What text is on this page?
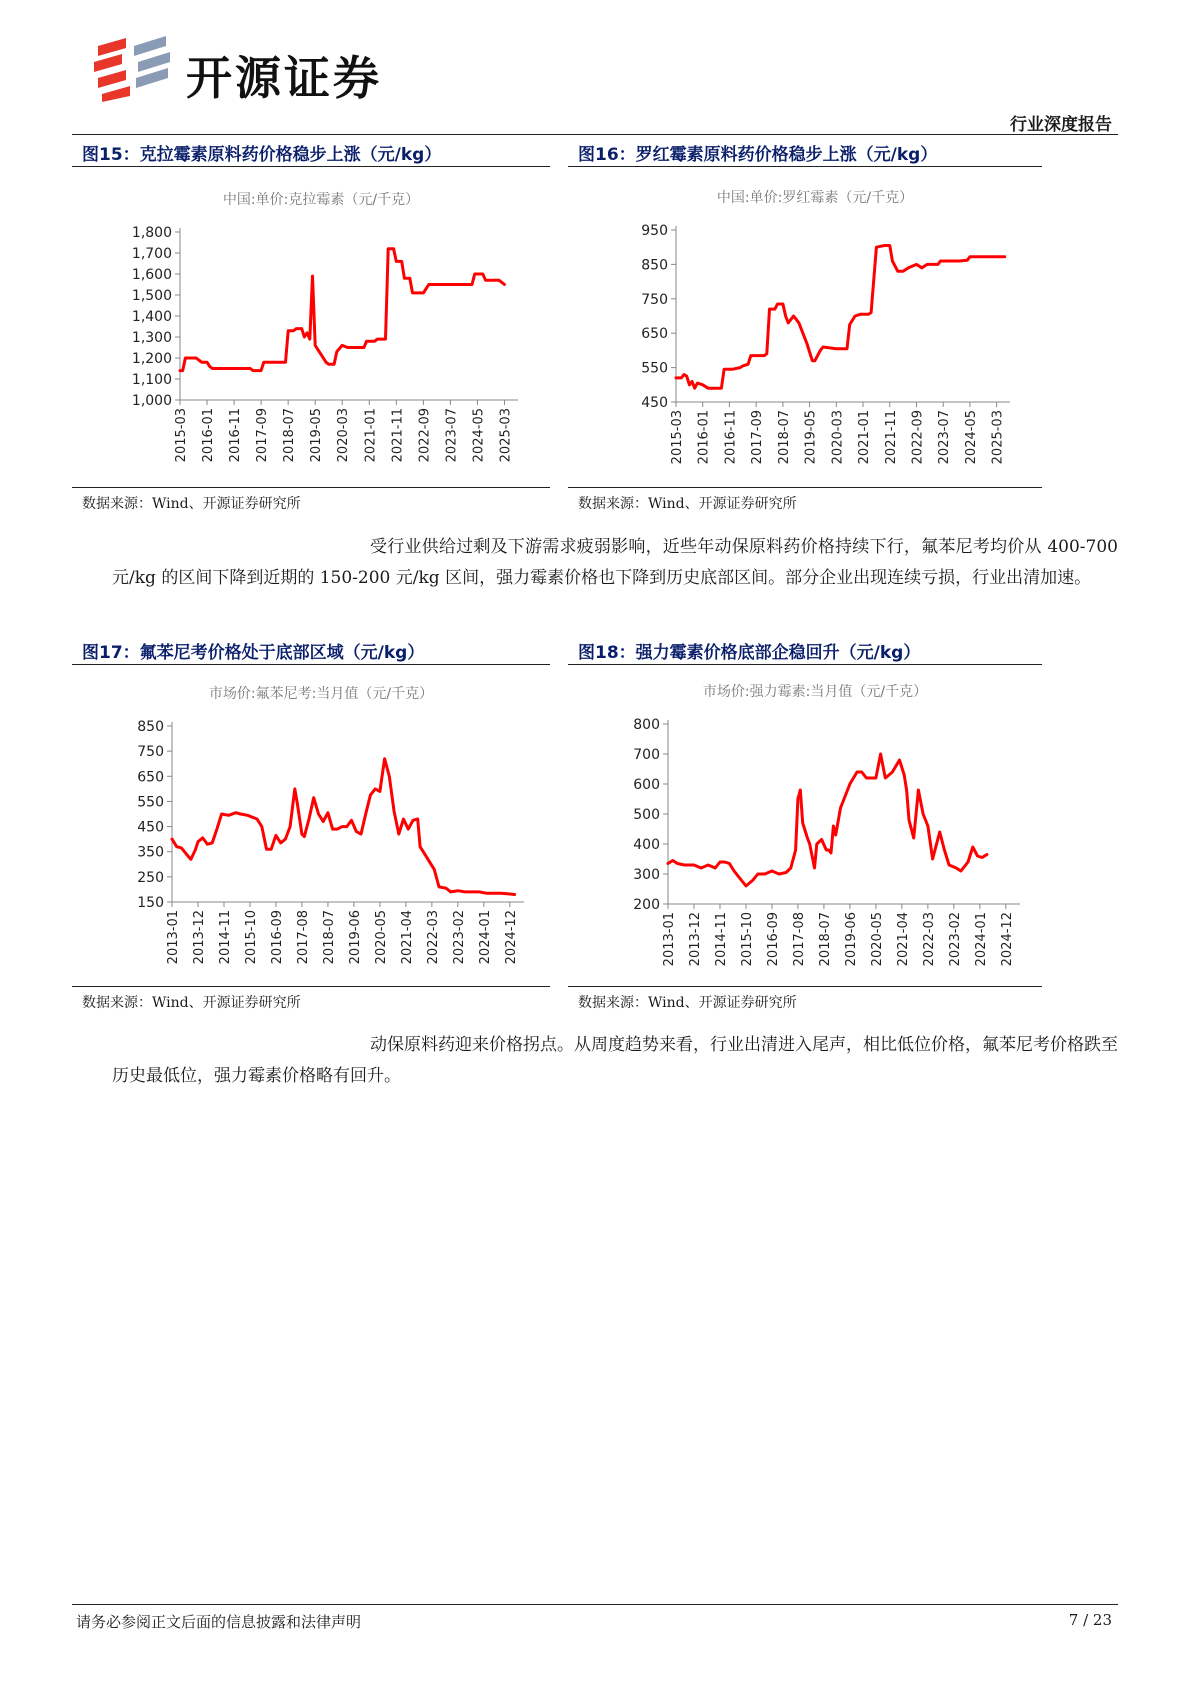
开源证券
行业深度报告
图15：克拉霉素原料药价格稳步上涨（元/kg）
中国:单价:克拉霉素（元/千克）
1,000
1,100
1,200
1,300
1,400
1,500
1,600
1,700
1,800
2015-03 2016-01 2016-11 2017-09 2018-07 2019-05 2020-03 2021-01 2021-11 2022-09 2023-07 2024-05 2025-03
数据来源：Wind、开源证券研究所
图16：罗红霉素原料药价格稳步上涨（元/kg）
中国:单价:罗红霉素（元/千克）
450
550
650
750
850
950
2015-03 2016-01 2016-11 2017-09 2018-07 2019-05 2020-03 2021-01 2021-11 2022-09 2023-07 2024-05 2025-03
数据来源：Wind、开源证券研究所
受行业供给过剩及下游需求疲弱影响，近些年动保原料药价格持续下行，氟苯尼考均价从 400-700 元/kg 的区间下降到近期的 150-200 元/kg 区间，强力霉素价格也下降到历史底部区间。部分企业出现连续亏损，行业出清加速。
图17：氟苯尼考价格处于底部区域（元/kg）
市场价:氟苯尼考:当月值（元/千克）
150
250
350
450
550
650
750
850
2013-01 2013-12 2014-11 2015-10 2016-09 2017-08 2018-07 2019-06 2020-05 2021-04 2022-03 2023-02 2024-01 2024-12
数据来源：Wind、开源证券研究所
图18：强力霉素价格底部企稳回升（元/kg）
市场价:强力霉素:当月值（元/千克）
200
300
400
500
600
700
800
2013-01 2013-12 2014-11 2015-10 2016-09 2017-08 2018-07 2019-06 2020-05 2021-04 2022-03 2023-02 2024-01 2024-12
数据来源：Wind、开源证券研究所
动保原料药迎来价格拐点。从周度趋势来看，行业出清进入尾声，相比低位价格，氟苯尼考价格跌至历史最低位，强力霉素价格略有回升。
请务必参阅正文后面的信息披露和法律声明	7 / 23
